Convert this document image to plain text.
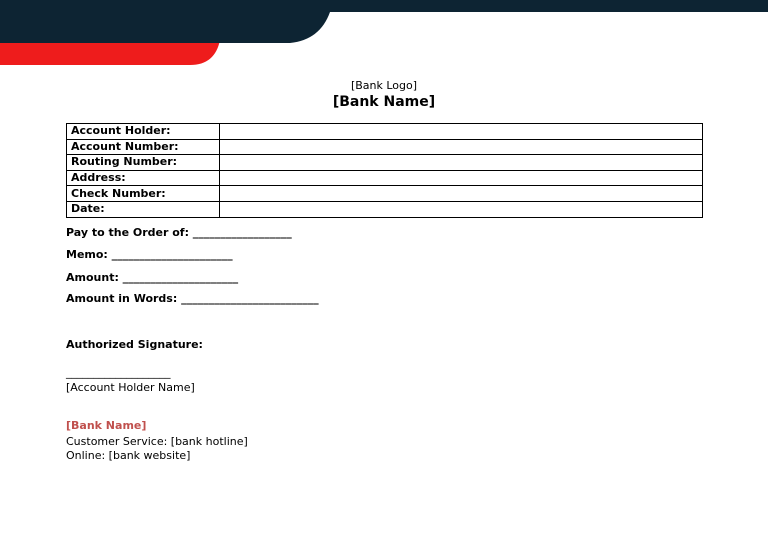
[Bank Logo]
[Bank Name]
Account Holder:	
Account Number:	
Routing Number:	
Address:	
Check Number:	
Date:	
Pay to the Order of: __________________
Memo: ______________________
Amount: _____________________
Amount in Words: _________________________
Authorized Signature:
___________________
[Account Holder Name]
[Bank Name]
Customer Service: [bank hotline]
Online: [bank website]
